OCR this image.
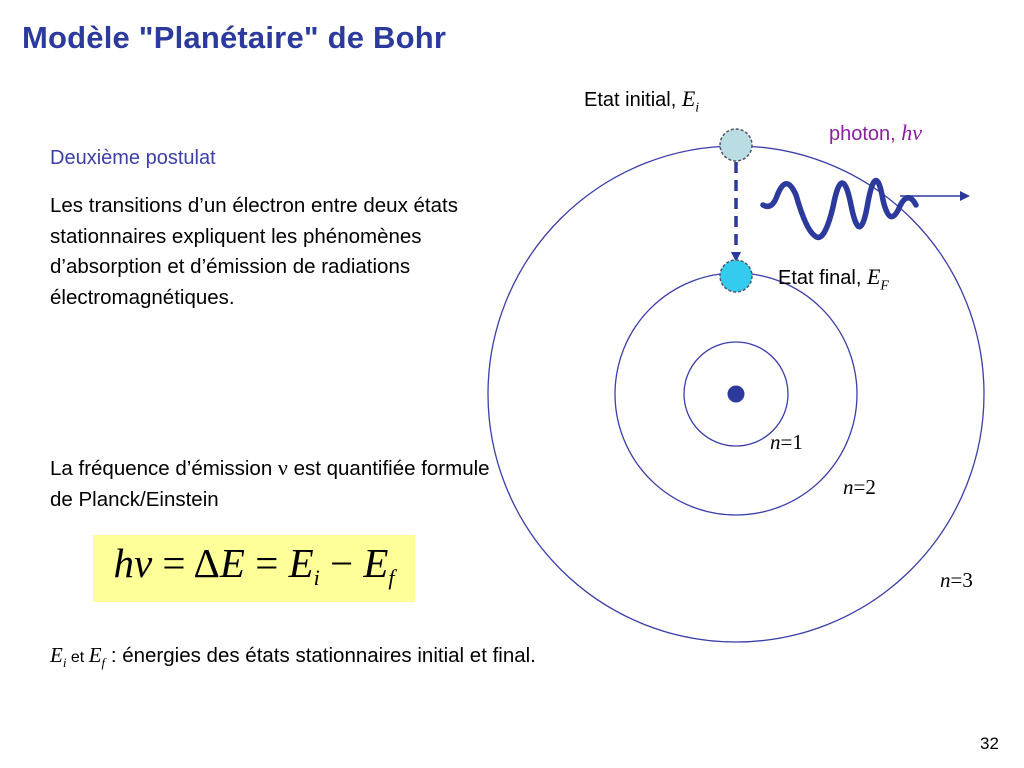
Modèle "Planétaire" de Bohr
Deuxième postulat
Les transitions d’un électron entre deux états stationnaires expliquent les phénomènes d’absorption et d’émission de radiations électromagnétiques.
La fréquence d’émission ν est quantifiée formule de Planck/Einstein
$h\nu = \Delta E = E_i - E_f$
$E_i$ et $E_f$ : énergies des états stationnaires initial et final.
Etat initial, $E_i$
photon, hν
Etat final, $E_F$
n=1
n=2
n=3
32
